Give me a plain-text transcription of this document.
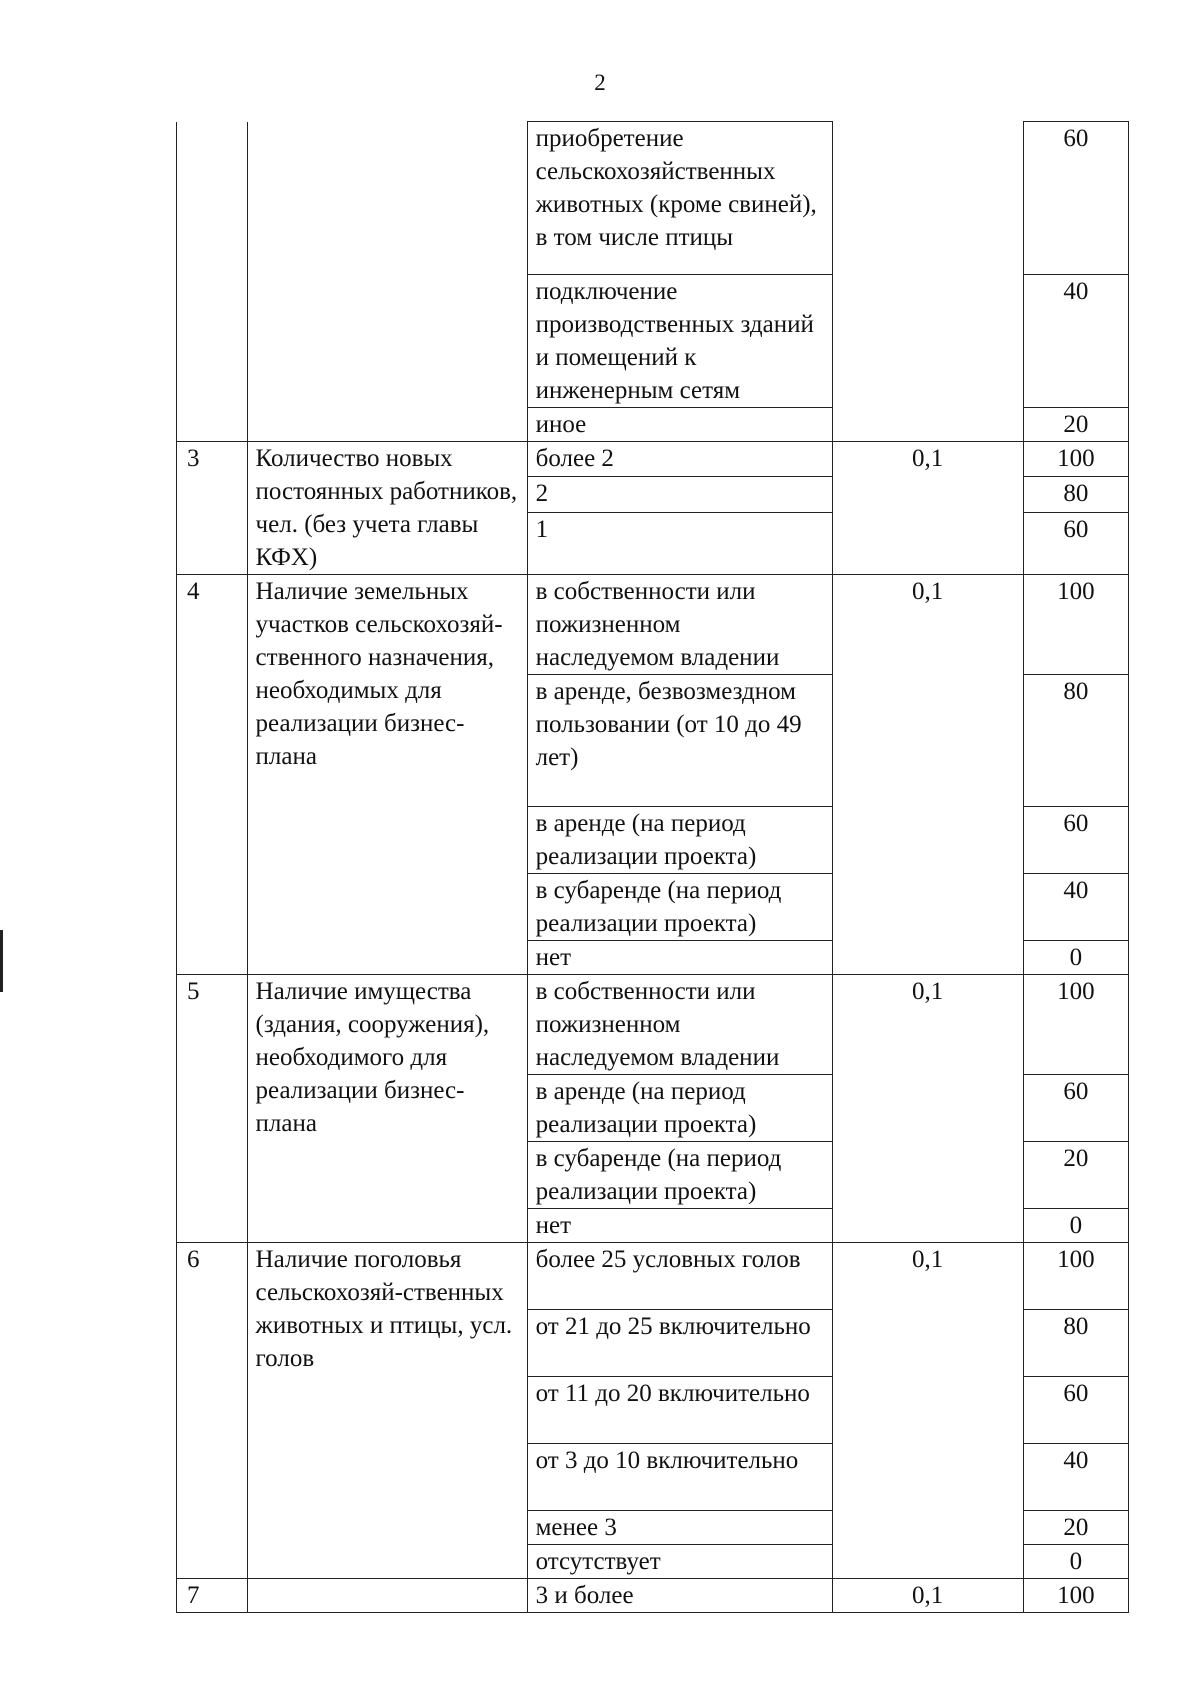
2
		приобретение сельскохозяйственных животных (кроме свиней), в том числе птицы		60
		подключение производственных зданий и помещений к инженерным сетям		40
		иное		20
3	Количество новых постоянных работников, чел. (без учета главы КФХ)	более 2	0,1	100
		2		80
		1		60
4	Наличие земельных участков сельскохозяй-ственного назначения, необходимых для реализации бизнес-плана	в собственности или пожизненном наследуемом владении	0,1	100
		в аренде, безвозмездном пользовании (от 10 до 49 лет)		80
		в аренде (на период реализации проекта)		60
		в субаренде (на период реализации проекта)		40
		нет		0
5	Наличие имущества (здания, сооружения), необходимого для реализации бизнес-плана	в собственности или пожизненном наследуемом владении	0,1	100
		в аренде (на период реализации проекта)		60
		в субаренде (на период реализации проекта)		20
		нет		0
6	Наличие поголовья сельскохозяй-ственных животных и птицы, усл. голов	более 25 условных голов	0,1	100
		от 21 до 25 включительно		80
		от 11 до 20 включительно		60
		от 3 до 10 включительно		40
		менее 3		20
		отсутствует		0
7		3 и более	0,1	100
